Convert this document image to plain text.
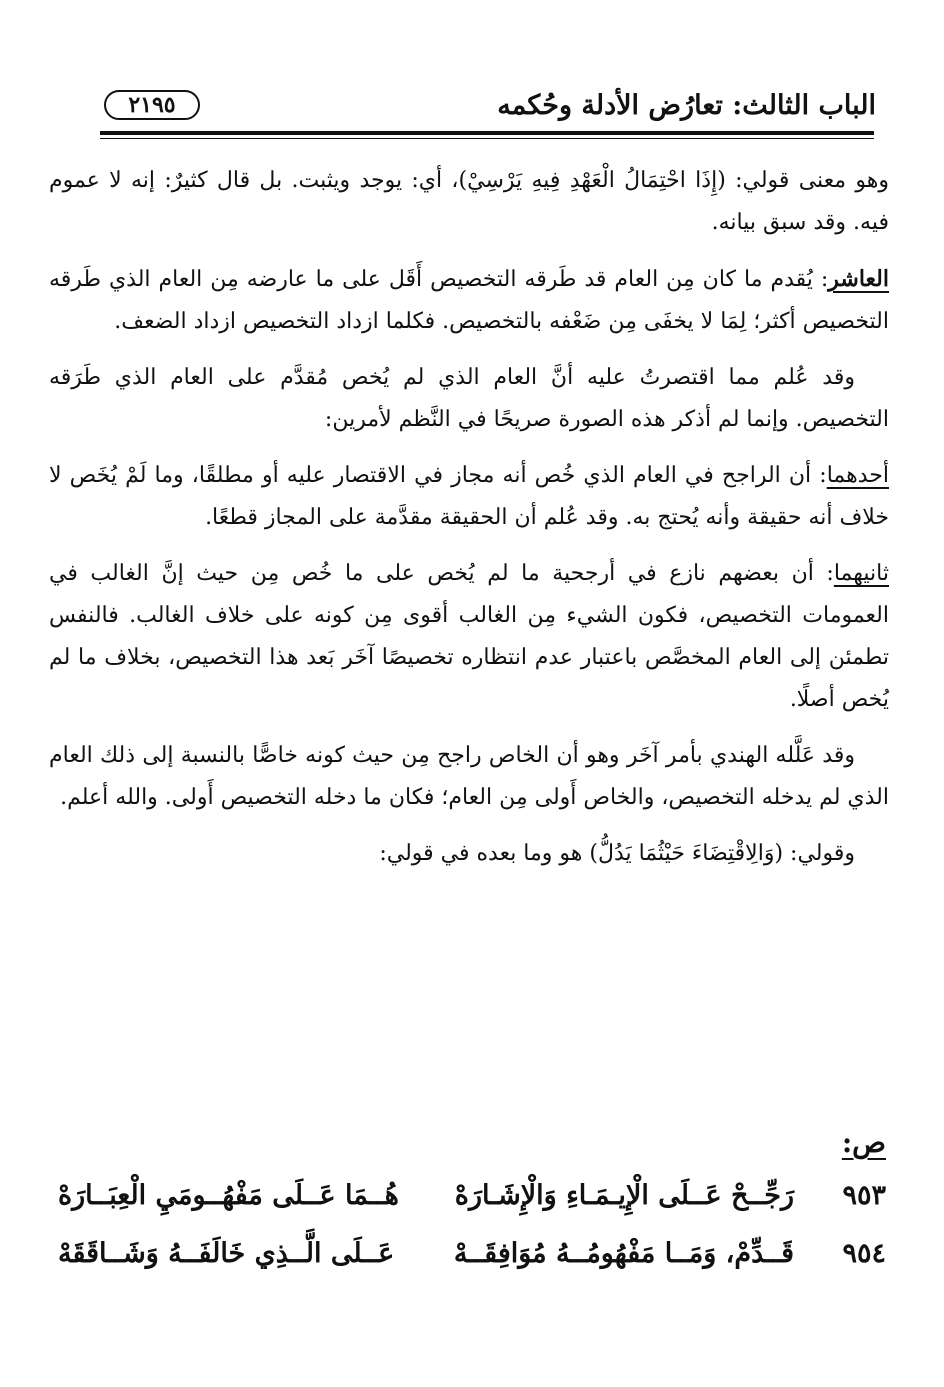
الباب الثالث: تعارُض الأدلة وحُكمه
٢١٩٥

وهو معنى قولي: (إِذَا احْتِمَالُ الْعَهْدِ فِيهِ يَرْسِيْ)، أي: يوجد ويثبت. بل قال كثيرٌ: إنه لا عموم فيه. وقد سبق بيانه.

العاشر: يُقدم ما كان مِن العام قد طَرقه التخصيص أَقَل على ما عارضه مِن العام الذي طَرقه التخصيص أكثر؛ لِمَا لا يخفَى مِن ضَعْفه بالتخصيص. فكلما ازداد التخصيص ازداد الضعف.

وقد عُلم مما اقتصرتُ عليه أنَّ العام الذي لم يُخص مُقدَّم على العام الذي طَرَقه التخصيص. وإنما لم أذكر هذه الصورة صريحًا في النَّظم لأمرين:

أحدهما: أن الراجح في العام الذي خُص أنه مجاز في الاقتصار عليه أو مطلقًا، وما لَمْ يُخَص لا خلاف أنه حقيقة وأنه يُحتج به. وقد عُلم أن الحقيقة مقدَّمة على المجاز قطعًا.

ثانيهما: أن بعضهم نازع في أرجحية ما لم يُخص على ما خُص مِن حيث إنَّ الغالب في العمومات التخصيص، فكون الشيء مِن الغالب أقوى مِن كونه على خلاف الغالب. فالنفس تطمئن إلى العام المخصَّص باعتبار عدم انتظاره تخصيصًا آخَر بَعد هذا التخصيص، بخلاف ما لم يُخص أصلًا.

وقد عَلَّله الهندي بأمر آخَر وهو أن الخاص راجح مِن حيث كونه خاصًّا بالنسبة إلى ذلك العام الذي لم يدخله التخصيص، والخاص أَولى مِن العام؛ فكان ما دخله التخصيص أَولى. والله أعلم.

وقولي: (وَالِاقْتِضَاءَ حَيْثُمَا يَدُلُّ) هو وما بعده في قولي:

ص:
٩٥٣
رَجِّــحْ عَــلَى الْإِيـمَـاءِ وَالْإِشَـارَهْ
هُــمَا عَــلَى مَفْهُــومَيِ الْعِبَــارَهْ
٩٥٤
قَــدِّمْ، وَمَــا مَفْهُومُــهُ مُوَافِقَــهْ
عَــلَى الَّــذِي خَالَفَــهُ وَشَــاقَقَهْ
